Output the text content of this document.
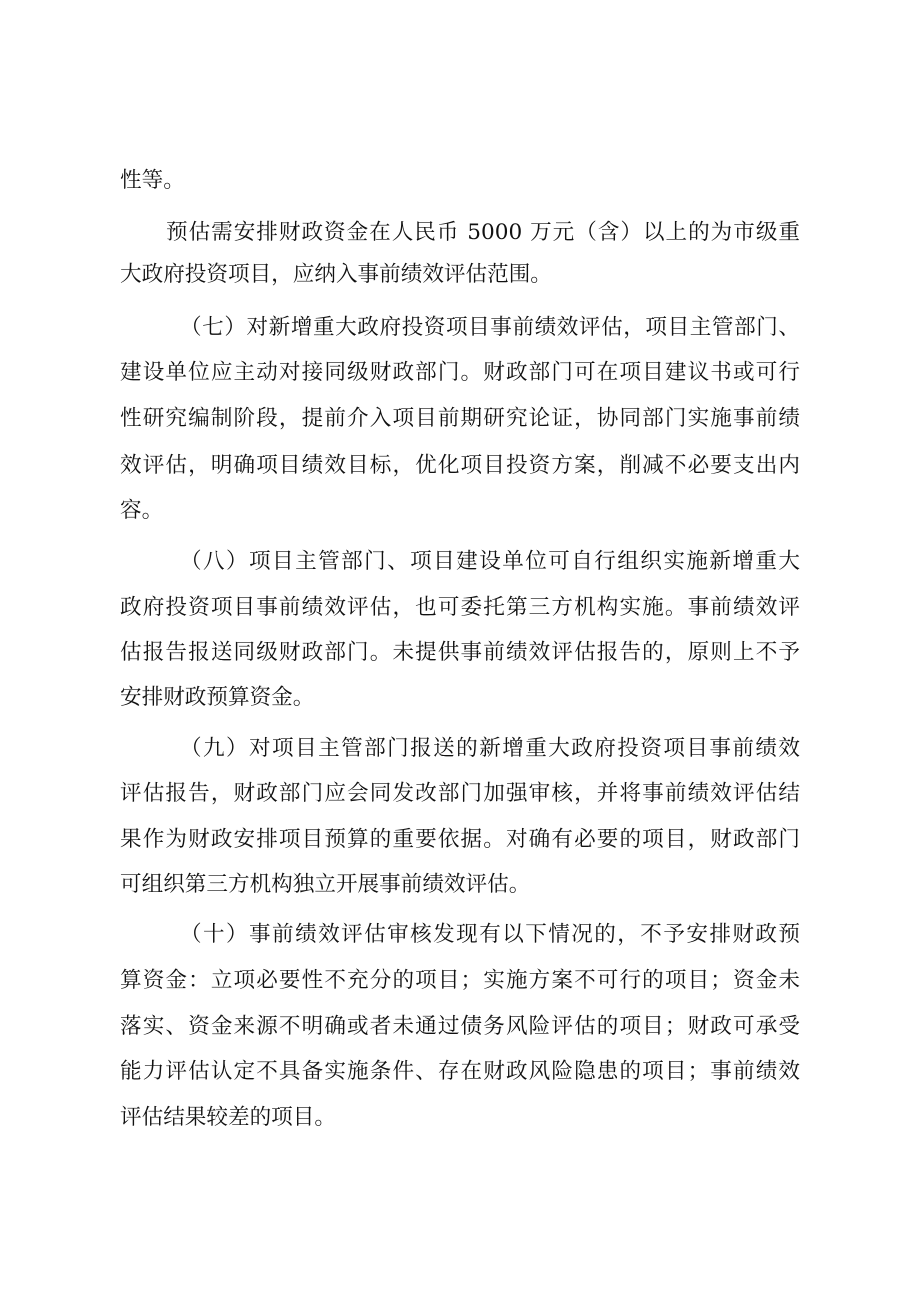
性等。
预估需安排财政资金在人民币 5000 万元（含）以上的为市级重
大政府投资项目，应纳入事前绩效评估范围。
（七）对新增重大政府投资项目事前绩效评估，项目主管部门、
建设单位应主动对接同级财政部门。财政部门可在项目建议书或可行
性研究编制阶段，提前介入项目前期研究论证，协同部门实施事前绩
效评估，明确项目绩效目标，优化项目投资方案，削减不必要支出内
容。
（八）项目主管部门、项目建设单位可自行组织实施新增重大
政府投资项目事前绩效评估，也可委托第三方机构实施。事前绩效评
估报告报送同级财政部门。未提供事前绩效评估报告的，原则上不予
安排财政预算资金。
（九）对项目主管部门报送的新增重大政府投资项目事前绩效
评估报告，财政部门应会同发改部门加强审核，并将事前绩效评估结
果作为财政安排项目预算的重要依据。对确有必要的项目，财政部门
可组织第三方机构独立开展事前绩效评估。
（十）事前绩效评估审核发现有以下情况的，不予安排财政预
算资金：立项必要性不充分的项目；实施方案不可行的项目；资金未
落实、资金来源不明确或者未通过债务风险评估的项目；财政可承受
能力评估认定不具备实施条件、存在财政风险隐患的项目；事前绩效
评估结果较差的项目。
